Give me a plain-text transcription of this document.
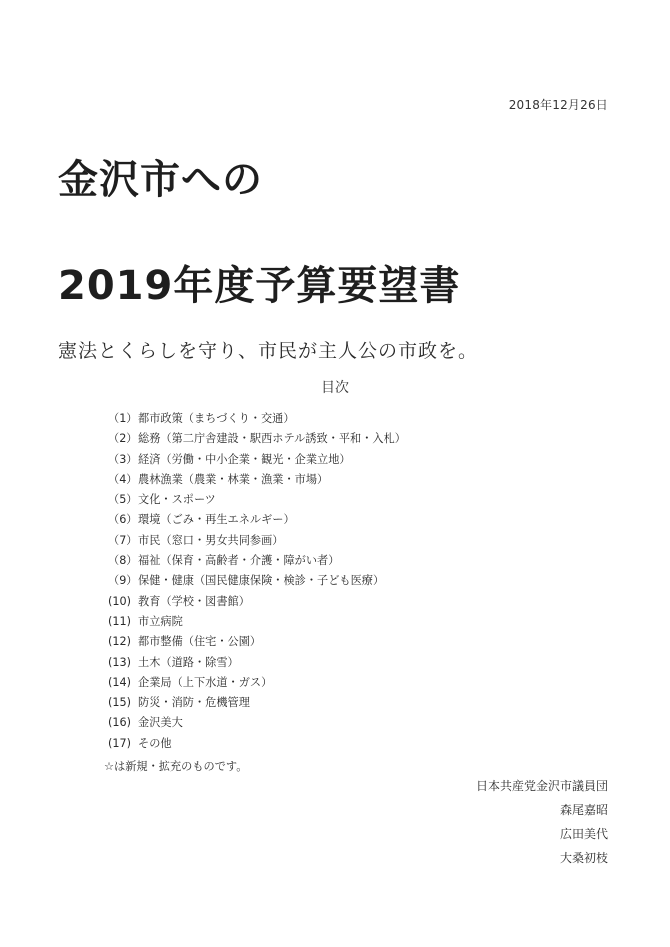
2018年12月26日
金沢市への
2019年度予算要望書
憲法とくらしを守り、市民が主人公の市政を。
目次
（1）都市政策（まちづくり・交通）
（2）総務（第二庁舎建設・駅西ホテル誘致・平和・入札）
（3）経済（労働・中小企業・観光・企業立地）
（4）農林漁業（農業・林業・漁業・市場）
（5）文化・スポーツ
（6）環境（ごみ・再生エネルギー）
（7）市民（窓口・男女共同参画）
（8）福祉（保育・高齢者・介護・障がい者）
（9）保健・健康（国民健康保険・検診・子ども医療）
(10) 教育（学校・図書館）
(11) 市立病院
(12) 都市整備（住宅・公園）
(13) 土木（道路・除雪）
(14) 企業局（上下水道・ガス）
(15) 防災・消防・危機管理
(16) 金沢美大
(17) その他
☆は新規・拡充のものです。
日本共産党金沢市議員団
森尾嘉昭
広田美代
大桑初枝
